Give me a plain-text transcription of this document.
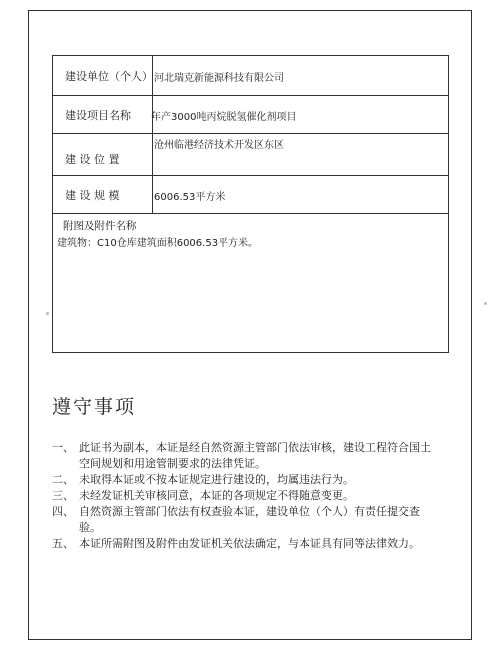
建设单位（个人） 河北瑞克新能源科技有限公司
建设项目名称	年产3000吨丙烷脱氢催化剂项目
建 设 位 置
沧州临港经济技术开发区东区
建 设 规 模	6006.53平方米
附图及附件名称
建筑物：C10仓库建筑面积6006.53平方米。
遵守事项
一、 此证书为副本，本证是经自然资源主管部门依法审核，建设工程符合国土空间规划和用途管制要求的法律凭证。
二、 未取得本证或不按本证规定进行建设的，均属违法行为。
三、 未经发证机关审核同意，本证的各项规定不得随意变更。
四、 自然资源主管部门依法有权查验本证，建设单位（个人）有责任提交查验。
五、 本证所需附图及附件由发证机关依法确定，与本证具有同等法律效力。
